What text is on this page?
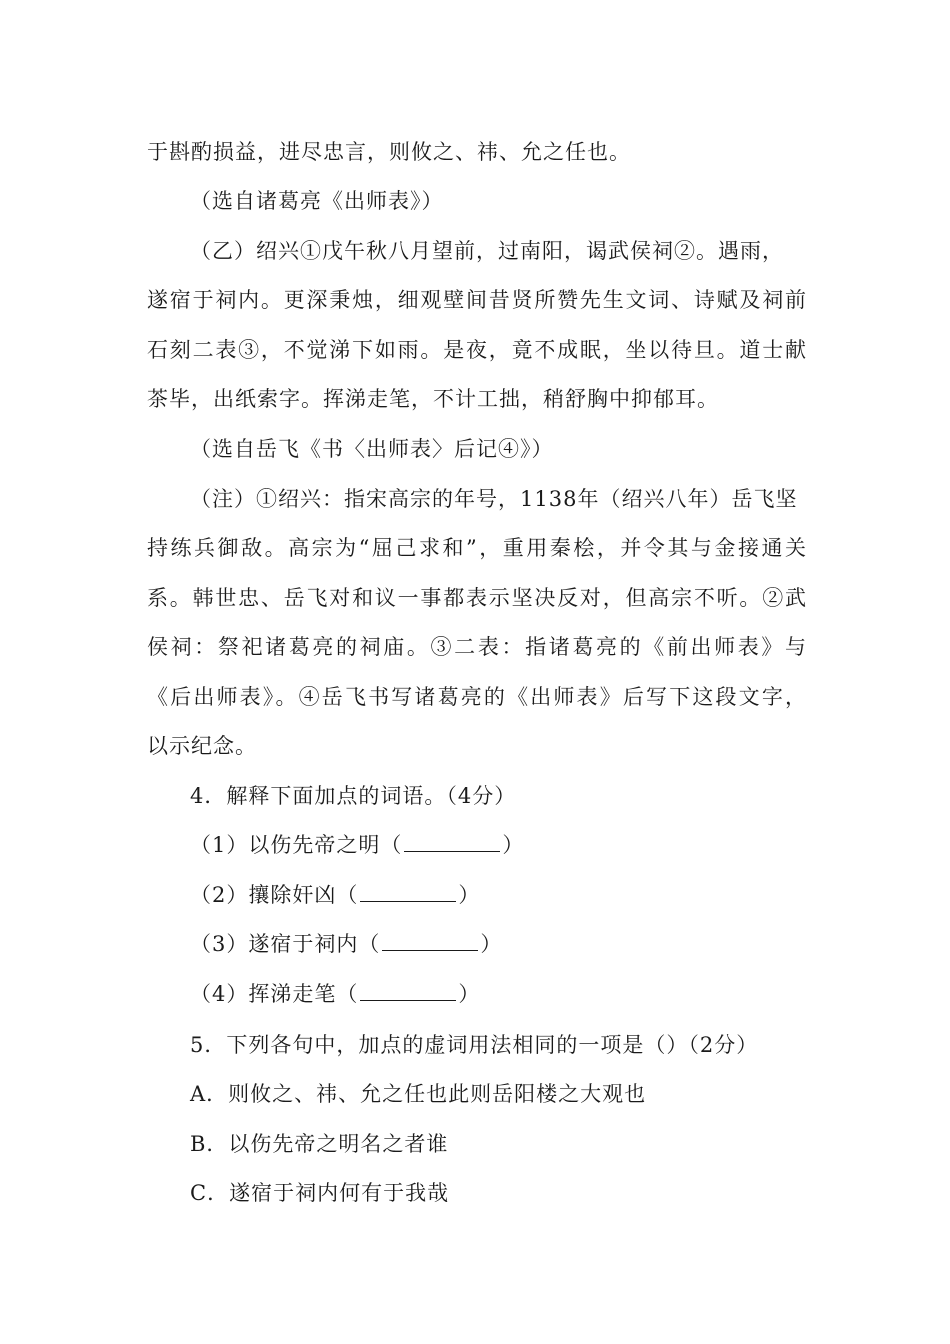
于斟酌损益，进尽忠言，则攸之、祎、允之任也。
（选自诸葛亮《出师表》）
（乙）绍兴①戊午秋八月望前，过南阳，谒武侯祠②。遇雨，
遂宿于祠内。更深秉烛，细观壁间昔贤所赞先生文词、诗赋及祠前
石刻二表③，不觉涕下如雨。是夜，竟不成眠，坐以待旦。道士献
茶毕，出纸索字。挥涕走笔，不计工拙，稍舒胸中抑郁耳。
（选自岳飞《书〈出师表〉后记④》）
（注）①绍兴：指宋高宗的年号，1138年（绍兴八年）岳飞坚
持练兵御敌。高宗为“屈己求和”，重用秦桧，并令其与金接通关
系。韩世忠、岳飞对和议一事都表示坚决反对，但高宗不听。②武
侯祠：祭祀诸葛亮的祠庙。③二表：指诸葛亮的《前出师表》与
《后出师表》。④岳飞书写诸葛亮的《出师表》后写下这段文字，
以示纪念。
4．解释下面加点的词语。（4分）
（1）以伤先帝之明（	）
（2）攘除奸凶（	）
（3）遂宿于祠内（	）
（4）挥涕走笔（	）
5．下列各句中，加点的虚词用法相同的一项是（）（2分）
A．则攸之、祎、允之任也此则岳阳楼之大观也
B．以伤先帝之明名之者谁
C．遂宿于祠内何有于我哉
